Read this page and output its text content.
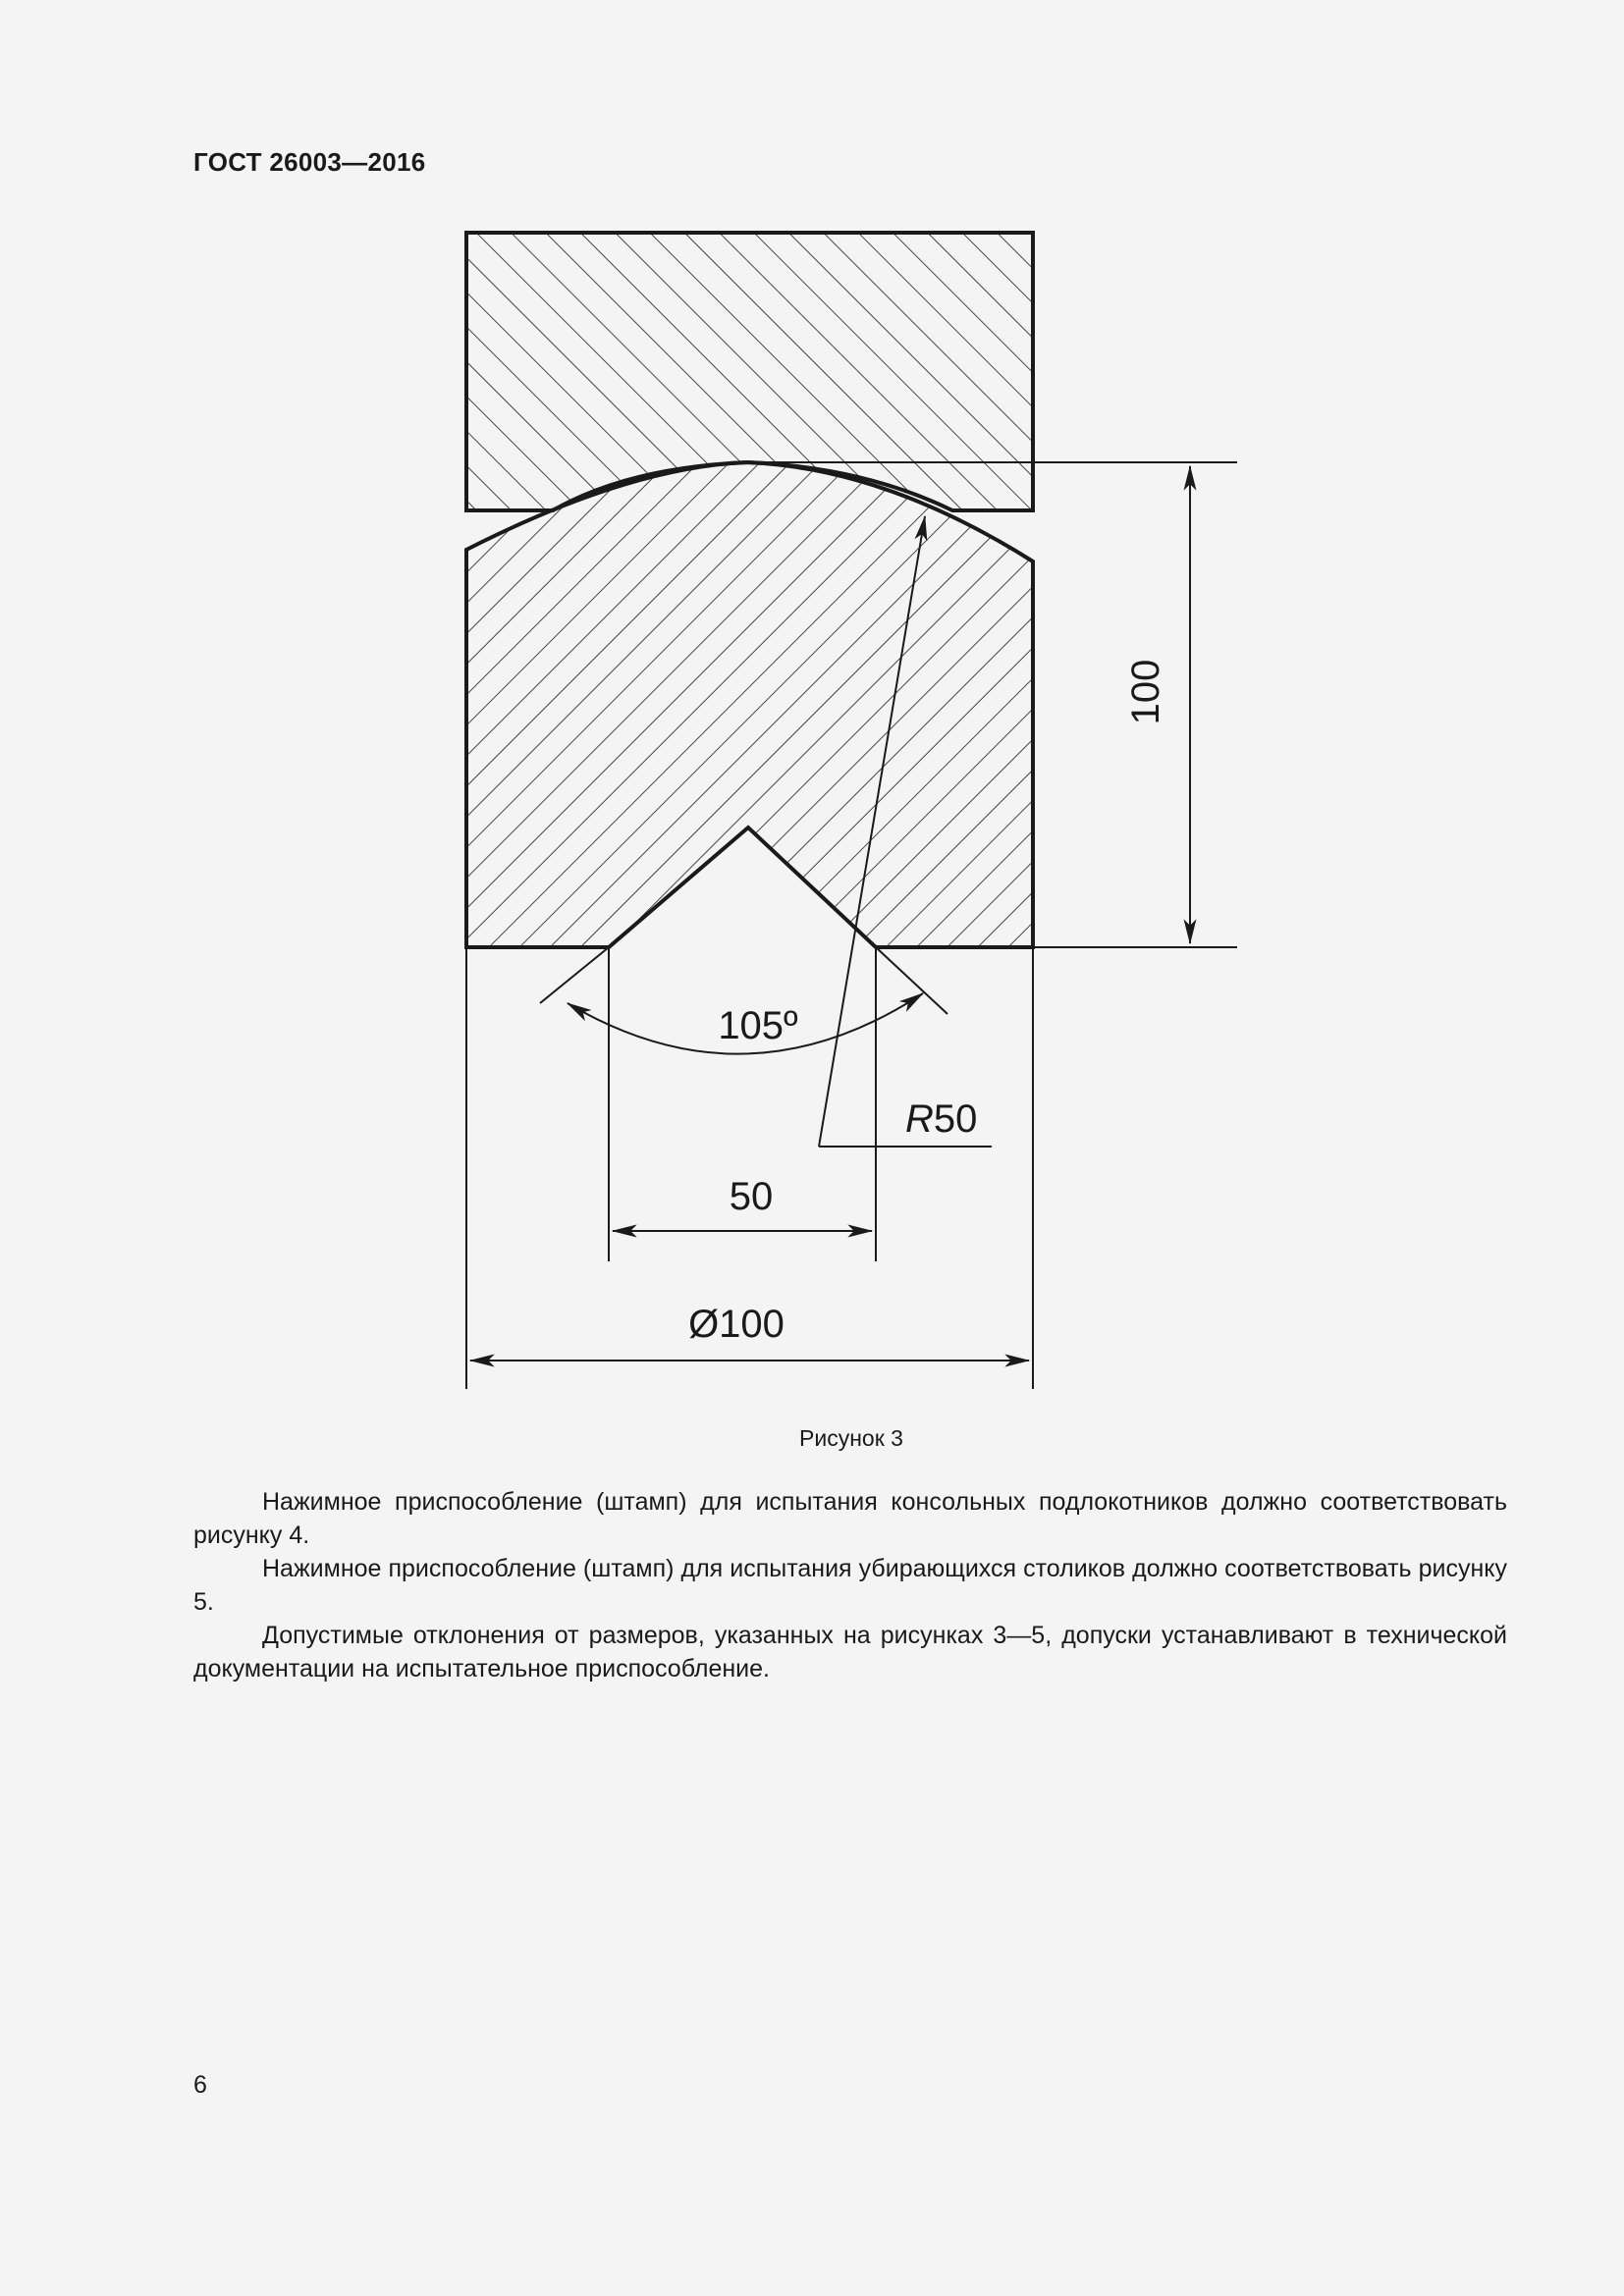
ГОСТ 26003—2016
100
105º
R50
50
Ø100
Рисунок 3

Нажимное приспособление (штамп) для испытания консольных подлокотников должно соответствовать рисунку 4.

Нажимное приспособление (штамп) для испытания убирающихся столиков должно соответствовать рисунку 5.

Допустимые отклонения от размеров, указанных на рисунках 3—5, допуски устанавливают в технической документации на испытательное приспособление.

6
